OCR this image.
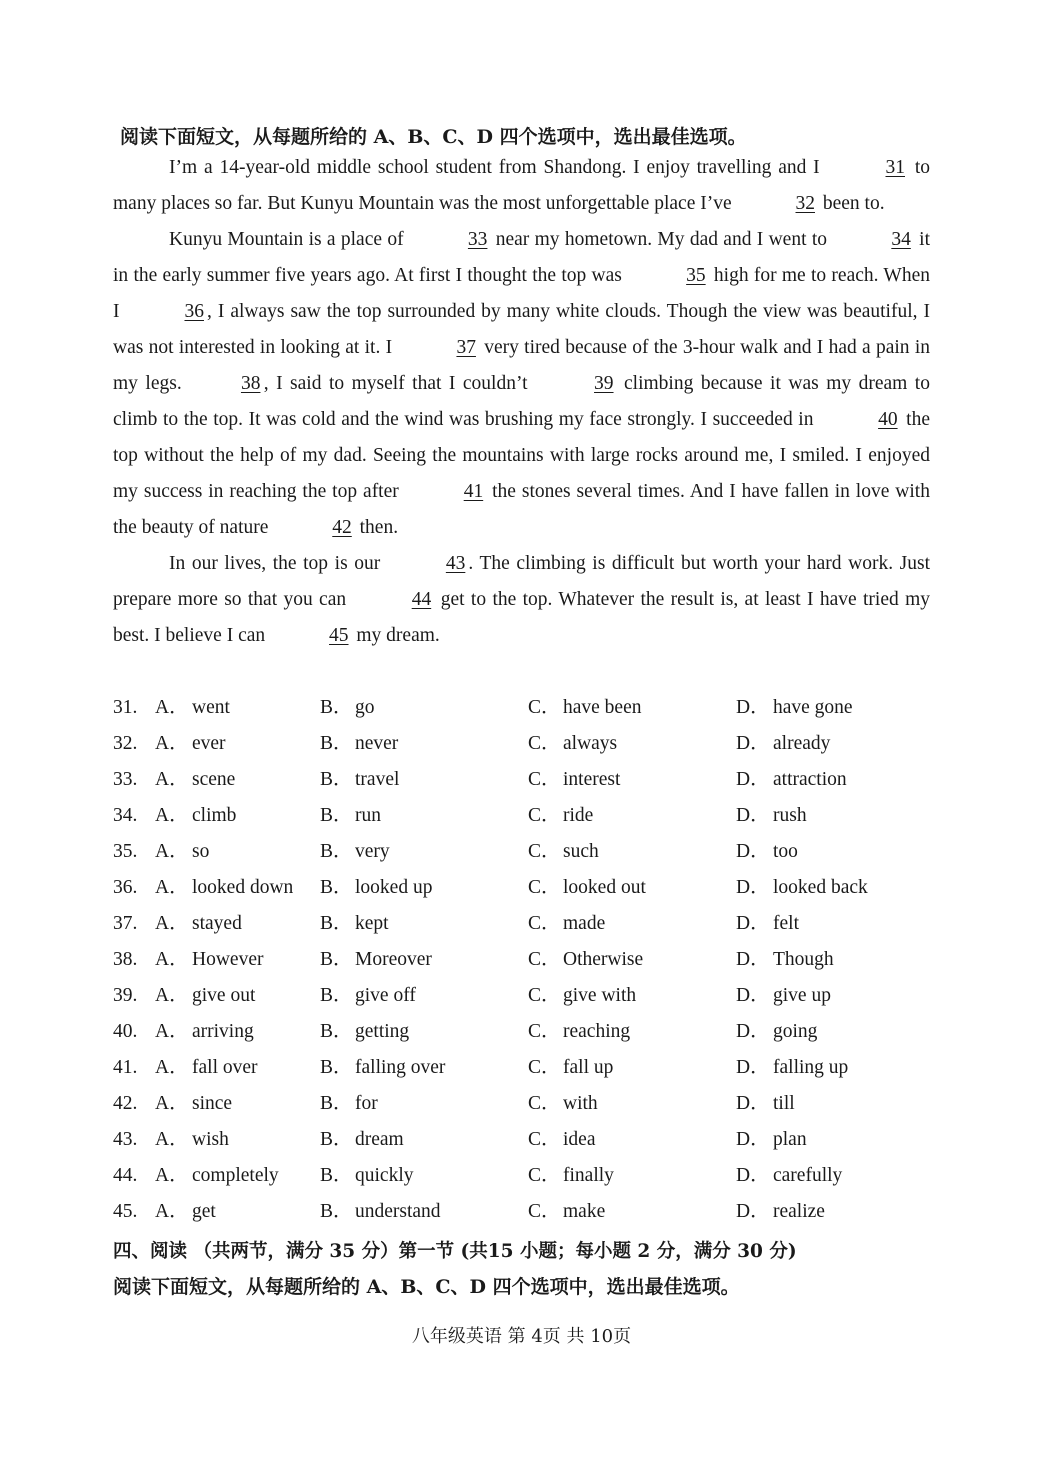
阅读下面短文，从每题所给的 A、B、C、D 四个选项中，选出最佳选项。

I’m a 14-year-old middle school student from Shandong. I enjoy travelling and I	31 to many places so far. But Kunyu Mountain was the most unforgettable place I’ve	32 been to.

Kunyu Mountain is a place of	33 near my hometown. My dad and I went to	34 it in the early summer five years ago. At first I thought the top was	35 high for me to reach. When I	36 , I always saw the top surrounded by many white clouds. Though the view was beautiful, I was not interested in looking at it. I	37 very tired because of the 3-hour walk and I had a pain in my legs.	38 , I said to myself that I couldn’t	39 climbing because it was my dream to climb to the top. It was cold and the wind was brushing my face strongly. I succeeded in	40 the top without the help of my dad. Seeing the mountains with large rocks around me, I smiled. I enjoyed my success in reaching the top after	41 the stones several times. And I have fallen in love with the beauty of nature	42 then.

In our lives, the top is our	43 . The climbing is difficult but worth your hard work. Just prepare more so that you can	44 get to the top. Whatever the result is, at least I have tried my best. I believe I can	45 my dream.

31. A． went	B． go	C． have been	D． have gone
32. A． ever	B． never	C． always	D． already
33. A． scene	B． travel	C． interest	D． attraction
34. A． climb	B． run	C． ride	D． rush
35. A． so	B． very	C． such	D． too
36. A． looked down B． looked up	C． looked out	D． looked back
37. A． stayed	B． kept	C． made	D． felt
38. A． However	B． Moreover	C． Otherwise	D． Though
39. A． give out	B． give off	C． give with	D． give up
40. A． arriving	B． getting	C． reaching	D． going
41. A． fall over	B． falling over	C． fall up	D． falling up
42. A． since	B． for	C． with	D． till
43. A． wish	B． dream	C． idea	D． plan
44. A． completely B． quickly	C． finally	D． carefully
45. A． get	B． understand	C． make	D． realize

四、阅读 （共两节，满分 35 分）第一节 (共15 小题；每小题 2 分，满分 30 分)

阅读下面短文，从每题所给的 A、B、C、D 四个选项中，选出最佳选项。

八年级英语 第 4页 共 10页
